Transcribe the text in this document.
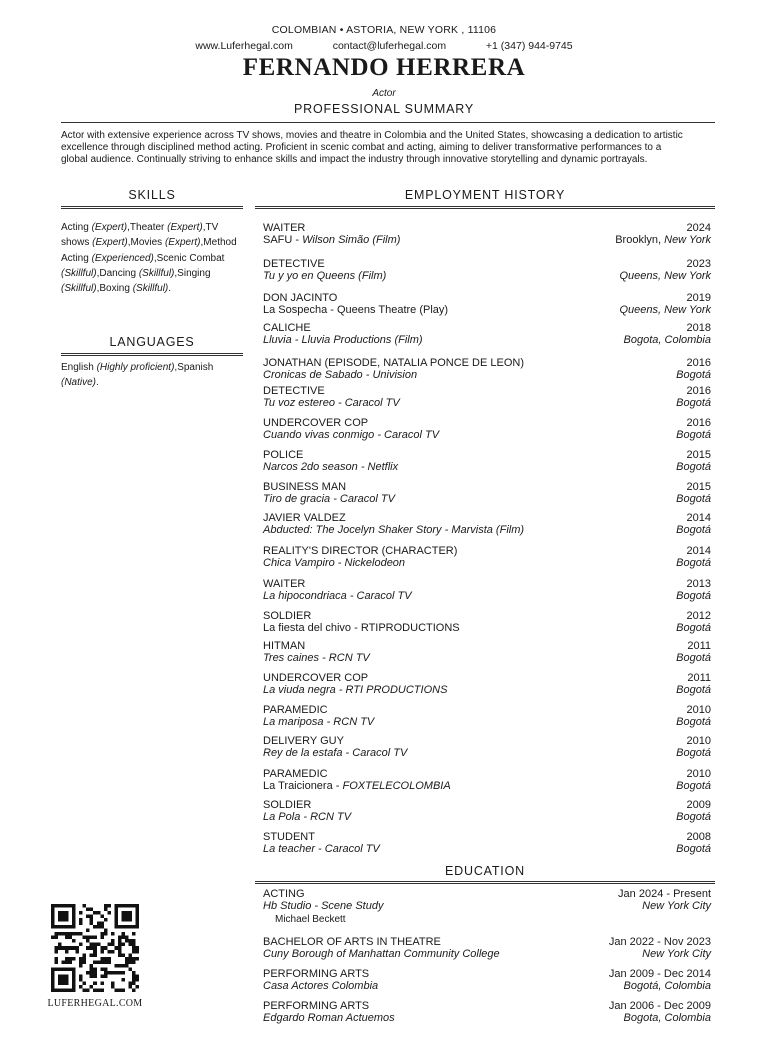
COLOMBIAN • ASTORIA, NEW YORK , 11106
www.Luferhegal.com	contact@luferhegal.com	+1 (347) 944-9745
FERNANDO HERRERA
Actor
PROFESSIONAL SUMMARY
Actor with extensive experience across TV shows, movies and theatre in Colombia and the United States, showcasing a dedication to artistic
excellence through disciplined method acting. Proficient in scenic combat and acting, aiming to deliver transformative performances to a
global audience. Continually striving to enhance skills and impact the industry through innovative storytelling and dynamic portrayals.
SKILLS
Acting (Expert),Theater (Expert),TV shows (Expert),Movies (Expert),Method Acting (Experienced),Scenic Combat (Skillful),Dancing (Skillful),Singing (Skillful),Boxing (Skillful).
LANGUAGES
English (Highly proficient),Spanish (Native).
EMPLOYMENT HISTORY
WAITER
SAFU - Wilson Simão (Film)
2024
Brooklyn, New York
DETECTIVE
Tu y yo en Queens (Film)
2023
Queens, New York
DON JACINTO
La Sospecha - Queens Theatre (Play)
2019
Queens, New York
CALICHE
Lluvia - Lluvia Productions (Film)
2018
Bogota, Colombia
JONATHAN (EPISODE, NATALIA PONCE DE LEON)
Cronicas de Sabado - Univision
2016
Bogotá
DETECTIVE
Tu voz estereo - Caracol TV
2016
Bogotá
UNDERCOVER COP
Cuando vivas conmigo - Caracol TV
2016
Bogotá
POLICE
Narcos 2do season - Netflix
2015
Bogotá
BUSINESS MAN
Tiro de gracia - Caracol TV
2015
Bogotá
JAVIER VALDEZ
Abducted: The Jocelyn Shaker Story - Marvista (Film)
2014
Bogotá
REALITY'S DIRECTOR (CHARACTER)
Chica Vampiro - Nickelodeon
2014
Bogotá
WAITER
La hipocondriaca - Caracol TV
2013
Bogotá
SOLDIER
La fiesta del chivo - RTIPRODUCTIONS
2012
Bogotá
HITMAN
Tres caines - RCN TV
2011
Bogotá
UNDERCOVER COP
La viuda negra - RTI PRODUCTIONS
2011
Bogotá
PARAMEDIC
La mariposa - RCN TV
2010
Bogotá
DELIVERY GUY
Rey de la estafa - Caracol TV
2010
Bogotá
PARAMEDIC
La Traicionera - FOXTELECOLOMBIA
2010
Bogotá
SOLDIER
La Pola - RCN TV
2009
Bogotá
STUDENT
La teacher - Caracol TV
2008
Bogotá
EDUCATION
ACTING
Hb Studio - Scene Study
Jan 2024 - Present
New York City
BACHELOR OF ARTS IN THEATRE
Cuny Borough of Manhattan Community College
Jan 2022 - Nov 2023
New York City
PERFORMING ARTS
Casa Actores Colombia
Jan 2009 - Dec 2014
Bogotá, Colombia
PERFORMING ARTS
Edgardo Roman Actuemos
Jan 2006 - Dec 2009
Bogota, Colombia
LUFERHEGAL.COM
Michael Beckett
